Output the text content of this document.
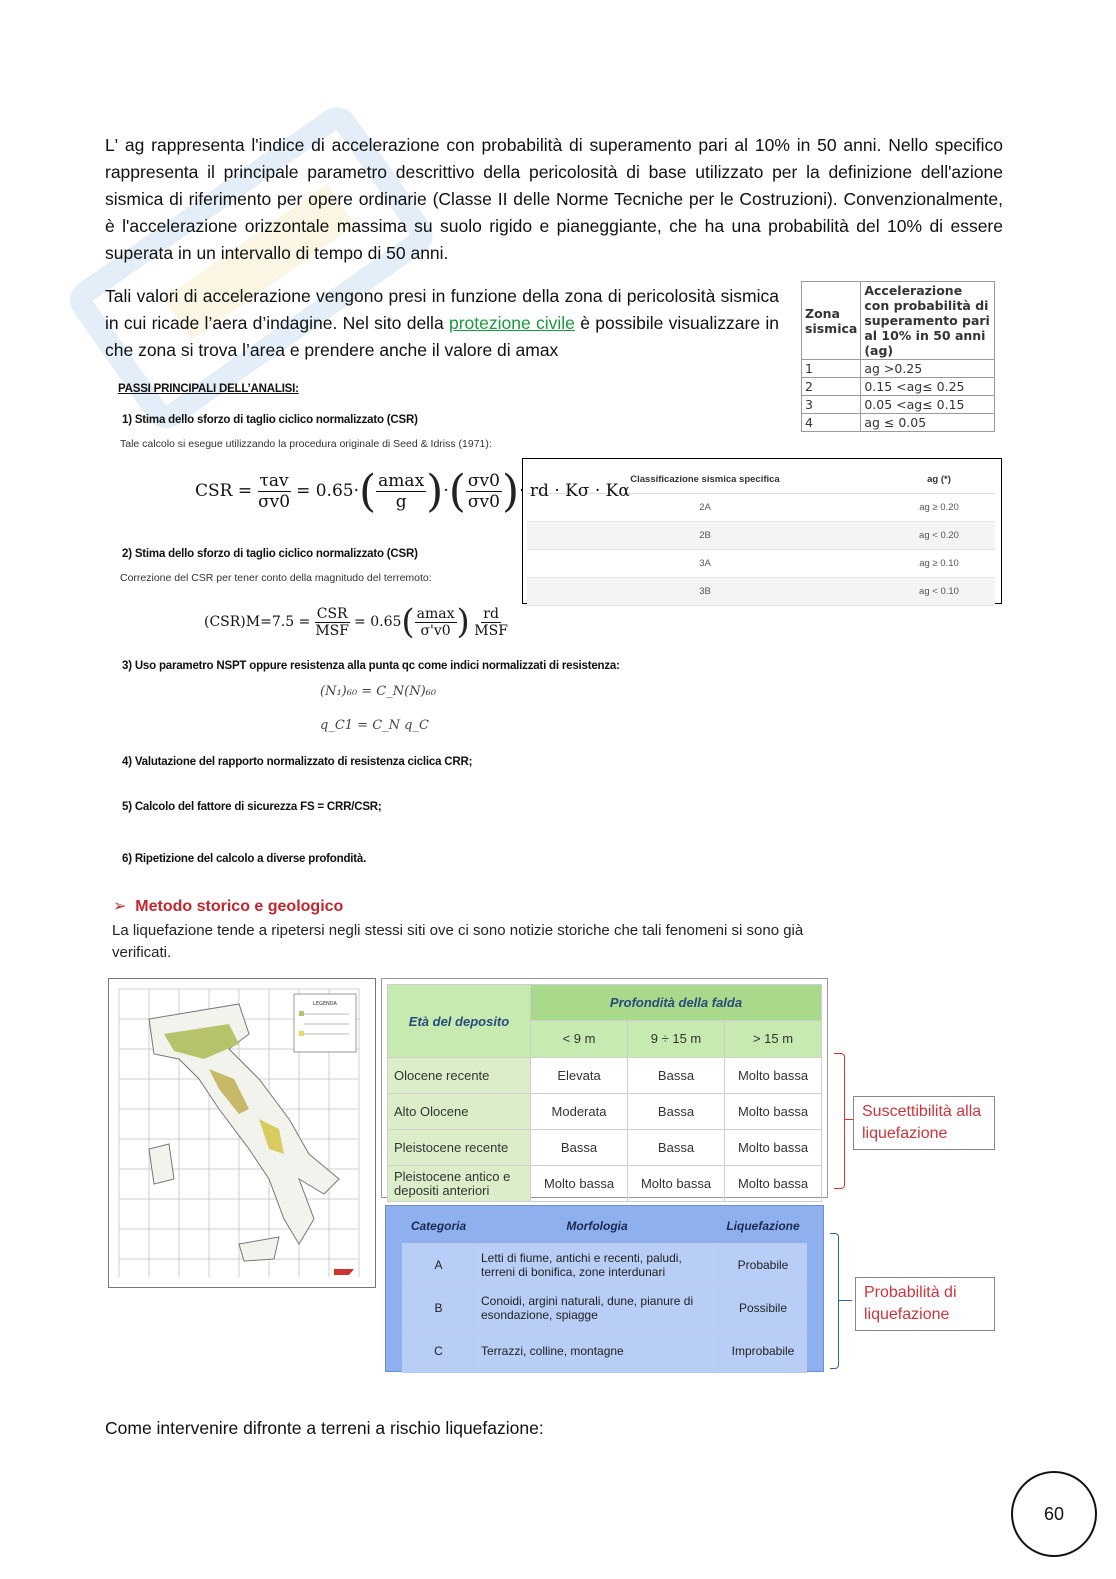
L' ag rappresenta l'indice di accelerazione con probabilità di superamento pari al 10% in 50 anni. Nello specifico rappresenta il principale parametro descrittivo della pericolosità di base utilizzato per la definizione dell'azione sismica di riferimento per opere ordinarie (Classe II delle Norme Tecniche per le Costruzioni). Convenzionalmente, è l'accelerazione orizzontale massima su suolo rigido e pianeggiante, che ha una probabilità del 10% di essere superata in un intervallo di tempo di 50 anni.

Tali valori di accelerazione vengono presi in funzione della zona di pericolosità sismica in cui ricade l’aera d’indagine. Nel sito della protezione civile è possibile visualizzare in che zona si trova l’area e prendere anche il valore di amax

Zona sismica	Accelerazione con probabilità di superamento pari al 10% in 50 anni (ag)
1	ag >0.25
2	0.15 <ag≤ 0.25
3	0.05 <ag≤ 0.15
4	ag ≤ 0.05
Classificazione sismica specifica	ag (*)
2A	ag ≥ 0.20
2B	ag < 0.20
3A	ag ≥ 0.10
3B	ag < 0.10
PASSI PRINCIPALI DELL’ANALISI:
1) Stima dello sforzo di taglio ciclico normalizzato (CSR)
Tale calcolo si esegue utilizzando la procedura originale di Seed & Idriss (1971):
CSR = $\frac{\text{τav}}{\sigma v0} = 0.65\cdot( \frac{amax}{g}$ )·( $\frac{\sigma v0}{\sigma v0}$ )· rd · Kσ · Kα
2) Stima dello sforzo di taglio ciclico normalizzato (CSR)
Correzione del CSR per tener conto della magnitudo del terremoto:
$(CSR)M=7.5 = \frac{\text{CSR}}{\text{MSF}} = 0.65( \frac{amax}{\sigma'v0}$ ) $\frac{rd}{\text{MSF}}$
3) Uso parametro NSPT oppure resistenza alla punta qc come indici normalizzati di resistenza:
(N₁)₆₀ = C_N(N)₆₀
q_C1 = C_N q_C
4) Valutazione del rapporto normalizzato di resistenza ciclica CRR;
5) Calcolo del fattore di sicurezza FS = CRR/CSR;
6) Ripetizione del calcolo a diverse profondità.
➢ Metodo storico e geologico
La liquefazione tende a ripetersi negli stessi siti ove ci sono notizie storiche che tali fenomeni si sono già verificati.
LEGENDA
Età del deposito	Profondità della falda		
	< 9 m	9 ÷ 15 m	> 15 m
Olocene recente	Elevata	Bassa	Molto bassa
Alto Olocene	Moderata	Bassa	Molto bassa
Pleistocene recente	Bassa	Bassa	Molto bassa
Pleistocene antico e depositi anteriori	Molto bassa	Molto bassa	Molto bassa
Suscettibilità alla liquefazione
Categoria	Morfologia	Liquefazione
A	Letti di fiume, antichi e recenti, paludi, terreni di bonifica, zone interdunari	Probabile
B	Conoidi, argini naturali, dune, pianure di esondazione, spiagge	Possibile
C	Terrazzi, colline, montagne	Improbabile
Probabilità di liquefazione
Come intervenire difronte a terreni a rischio liquefazione:
60
